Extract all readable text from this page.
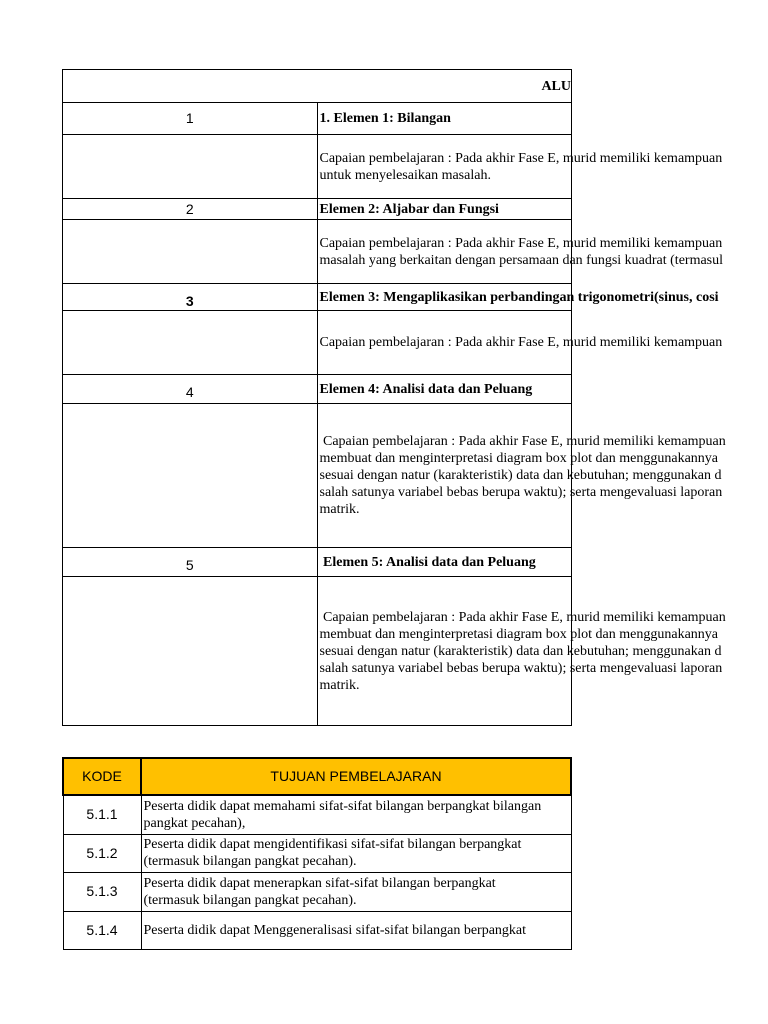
ALU	
1	1. Elemen 1: Bilangan

	Capaian pembelajaran : Pada akhir Fase E, murid memiliki kemampuan
untuk menyelesaikan masalah.

2	Elemen 2: Aljabar dan Fungsi

	Capaian pembelajaran : Pada akhir Fase E, murid memiliki kemampuan
masalah yang berkaitan dengan persamaan dan fungsi kuadrat (termasul

3	Elemen 3: Mengaplikasikan perbandingan trigonometri(sinus, cosi

	Capaian pembelajaran : Pada akhir Fase E, murid memiliki kemampuan

4	Elemen 4: Analisi data dan Peluang

	Capaian pembelajaran : Pada akhir Fase E, murid memiliki kemampuan
membuat dan menginterpretasi diagram box plot dan menggunakannya
sesuai dengan natur (karakteristik) data dan kebutuhan; menggunakan d
salah satunya variabel bebas berupa waktu); serta mengevaluasi laporan
matrik.

5	Elemen 5: Analisi data dan Peluang

	Capaian pembelajaran : Pada akhir Fase E, murid memiliki kemampuan
membuat dan menginterpretasi diagram box plot dan menggunakannya
sesuai dengan natur (karakteristik) data dan kebutuhan; menggunakan d
salah satunya variabel bebas berupa waktu); serta mengevaluasi laporan
matrik.
KODE	TUJUAN PEMBELAJARAN
5.1.1	Peserta didik dapat memahami sifat-sifat bilangan berpangkat bilangan
pangkat pecahan),

5.1.2	Peserta didik dapat mengidentifikasi sifat-sifat bilangan berpangkat
(termasuk bilangan pangkat pecahan).

5.1.3	Peserta didik dapat menerapkan sifat-sifat bilangan berpangkat
(termasuk bilangan pangkat pecahan).

5.1.4	Peserta didik dapat Menggeneralisasi sifat-sifat bilangan berpangkat
